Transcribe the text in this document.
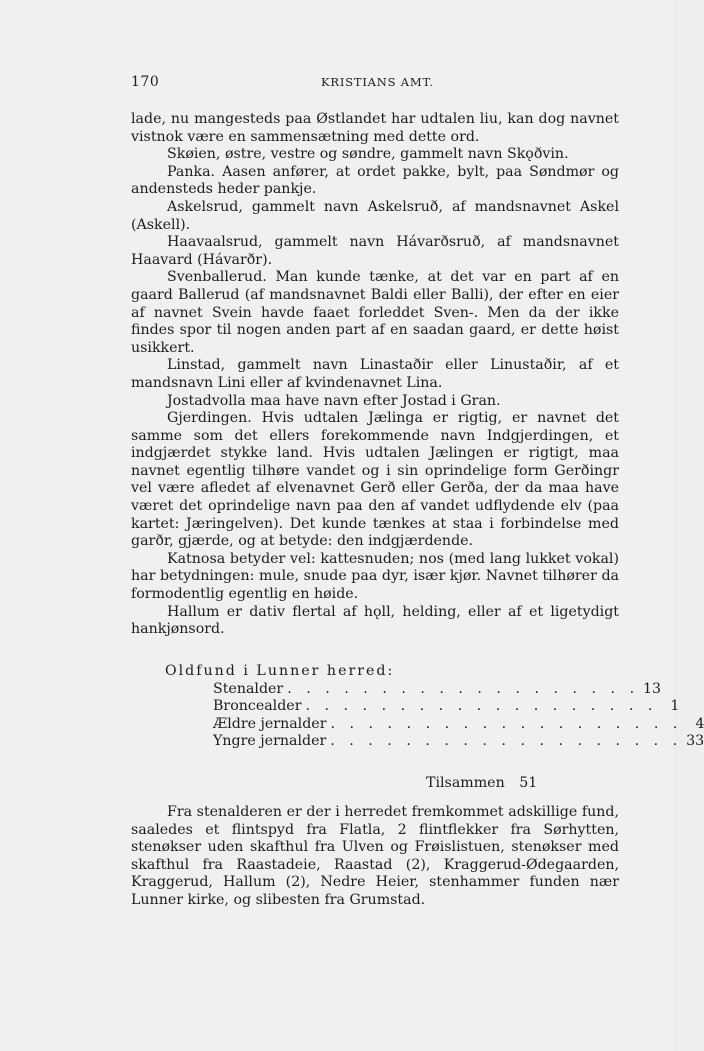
170	KRISTIANS AMT.

lade, nu mangesteds paa Østlandet har udtalen liu, kan dog navnet vistnok være en sammensætning med dette ord.

Skøien, østre, vestre og søndre, gammelt navn Skǫðvin.

Panka. Aasen anfører, at ordet pakke, bylt, paa Søndmør og andensteds heder pankje.

Askelsrud, gammelt navn Askelsruð, af mandsnavnet Askel (Askell).

Haavaalsrud, gammelt navn Hávarðsruð, af mandsnavnet Haavard (Hávarðr).

Svenballerud. Man kunde tænke, at det var en part af en gaard Ballerud (af mandsnavnet Baldi eller Balli), der efter en eier af navnet Svein havde faaet forleddet Sven-. Men da der ikke findes spor til nogen anden part af en saadan gaard, er dette høist usikkert.

Linstad, gammelt navn Linastaðir eller Linustaðir, af et mandsnavn Lini eller af kvindenavnet Lina.

Jostadvolla maa have navn efter Jostad i Gran.

Gjerdingen. Hvis udtalen Jælinga er rigtig, er navnet det samme som det ellers forekommende navn Indgjerdingen, et indgjærdet stykke land. Hvis udtalen Jælingen er rigtigt, maa navnet egentlig tilhøre vandet og i sin oprindelige form Gerðingr vel være afledet af elvenavnet Gerð eller Gerða, der da maa have været det oprindelige navn paa den af vandet udflydende elv (paa kartet: Jæringelven). Det kunde tænkes at staa i forbindelse med garðr, gjærde, og at betyde: den indgjærdende.

Katnosa betyder vel: kattesnuden; nos (med lang lukket vokal) har betydningen: mule, snude paa dyr, især kjør. Navnet tilhører da formodentlig egentlig en høide.

Hallum er dativ flertal af hǫll, helding, eller af et ligetydigt hankjønsord.

Oldfund i Lunner herred:
Stenalder . . . . . . . . . . . . . . . . . . . 13
Broncealder . . . . . . . . . . . . . . . . . . . 1
Ældre jernalder . . . . . . . . . . . . . . . . . . . 4
Yngre jernalder . . . . . . . . . . . . . . . . . . . 33
Tilsammen 51

Fra stenalderen er der i herredet fremkommet adskillige fund, saaledes et flintspyd fra Flatla, 2 flintflekker fra Sørhytten, stenøkser uden skafthul fra Ulven og Frøislistuen, stenøkser med skafthul fra Raastadeie, Raastad (2), Kraggerud-Ødegaarden, Kraggerud, Hallum (2), Nedre Heier, stenhammer funden nær Lunner kirke, og slibesten fra Grumstad.
